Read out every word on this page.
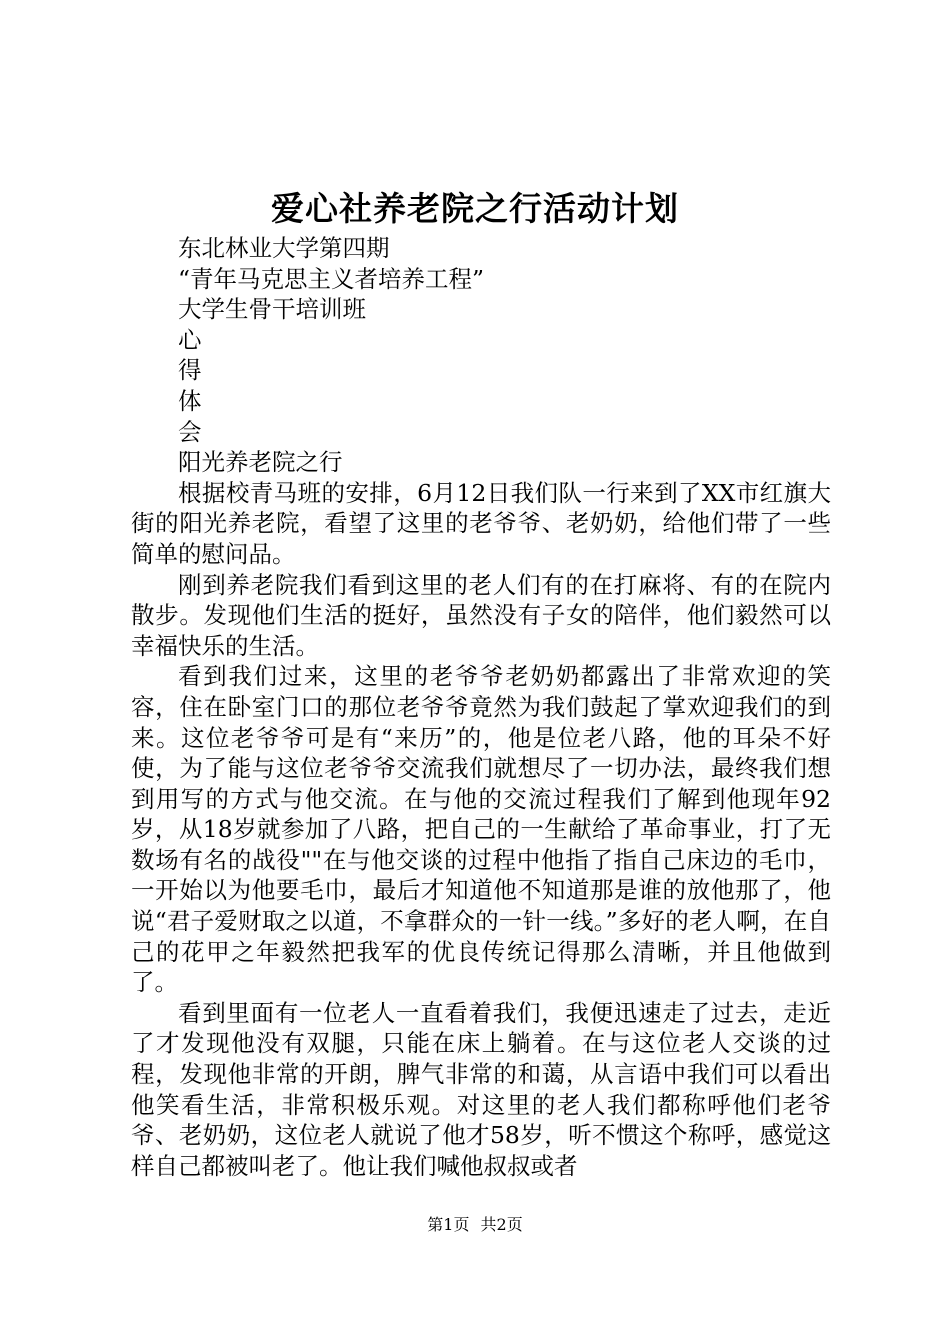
爱心社养老院之行活动计划
东北林业大学第四期
“青年马克思主义者培养工程”
大学生骨干培训班
心
得
体
会
阳光养老院之行

根据校青马班的安排，6月12日我们队一行来到了XX市红旗大街的阳光养老院，看望了这里的老爷爷、老奶奶，给他们带了一些简单的慰问品。

刚到养老院我们看到这里的老人们有的在打麻将、有的在院内散步。发现他们生活的挺好，虽然没有子女的陪伴，他们毅然可以幸福快乐的生活。

看到我们过来，这里的老爷爷老奶奶都露出了非常欢迎的笑容，住在卧室门口的那位老爷爷竟然为我们鼓起了掌欢迎我们的到来。这位老爷爷可是有“来历”的，他是位老八路，他的耳朵不好使，为了能与这位老爷爷交流我们就想尽了一切办法，最终我们想到用写的方式与他交流。在与他的交流过程我们了解到他现年92岁，从18岁就参加了八路，把自己的一生献给了革命事业，打了无数场有名的战役""在与他交谈的过程中他指了指自己床边的毛巾，一开始以为他要毛巾，最后才知道他不知道那是谁的放他那了，他说“君子爱财取之以道，不拿群众的一针一线。”多好的老人啊，在自己的花甲之年毅然把我军的优良传统记得那么清晰，并且他做到了。

看到里面有一位老人一直看着我们，我便迅速走了过去，走近了才发现他没有双腿，只能在床上躺着。在与这位老人交谈的过程，发现他非常的开朗，脾气非常的和蔼，从言语中我们可以看出他笑看生活，非常积极乐观。对这里的老人我们都称呼他们老爷爷、老奶奶，这位老人就说了他才58岁，听不惯这个称呼，感觉这样自己都被叫老了。他让我们喊他叔叔或者

第1页 共2页
